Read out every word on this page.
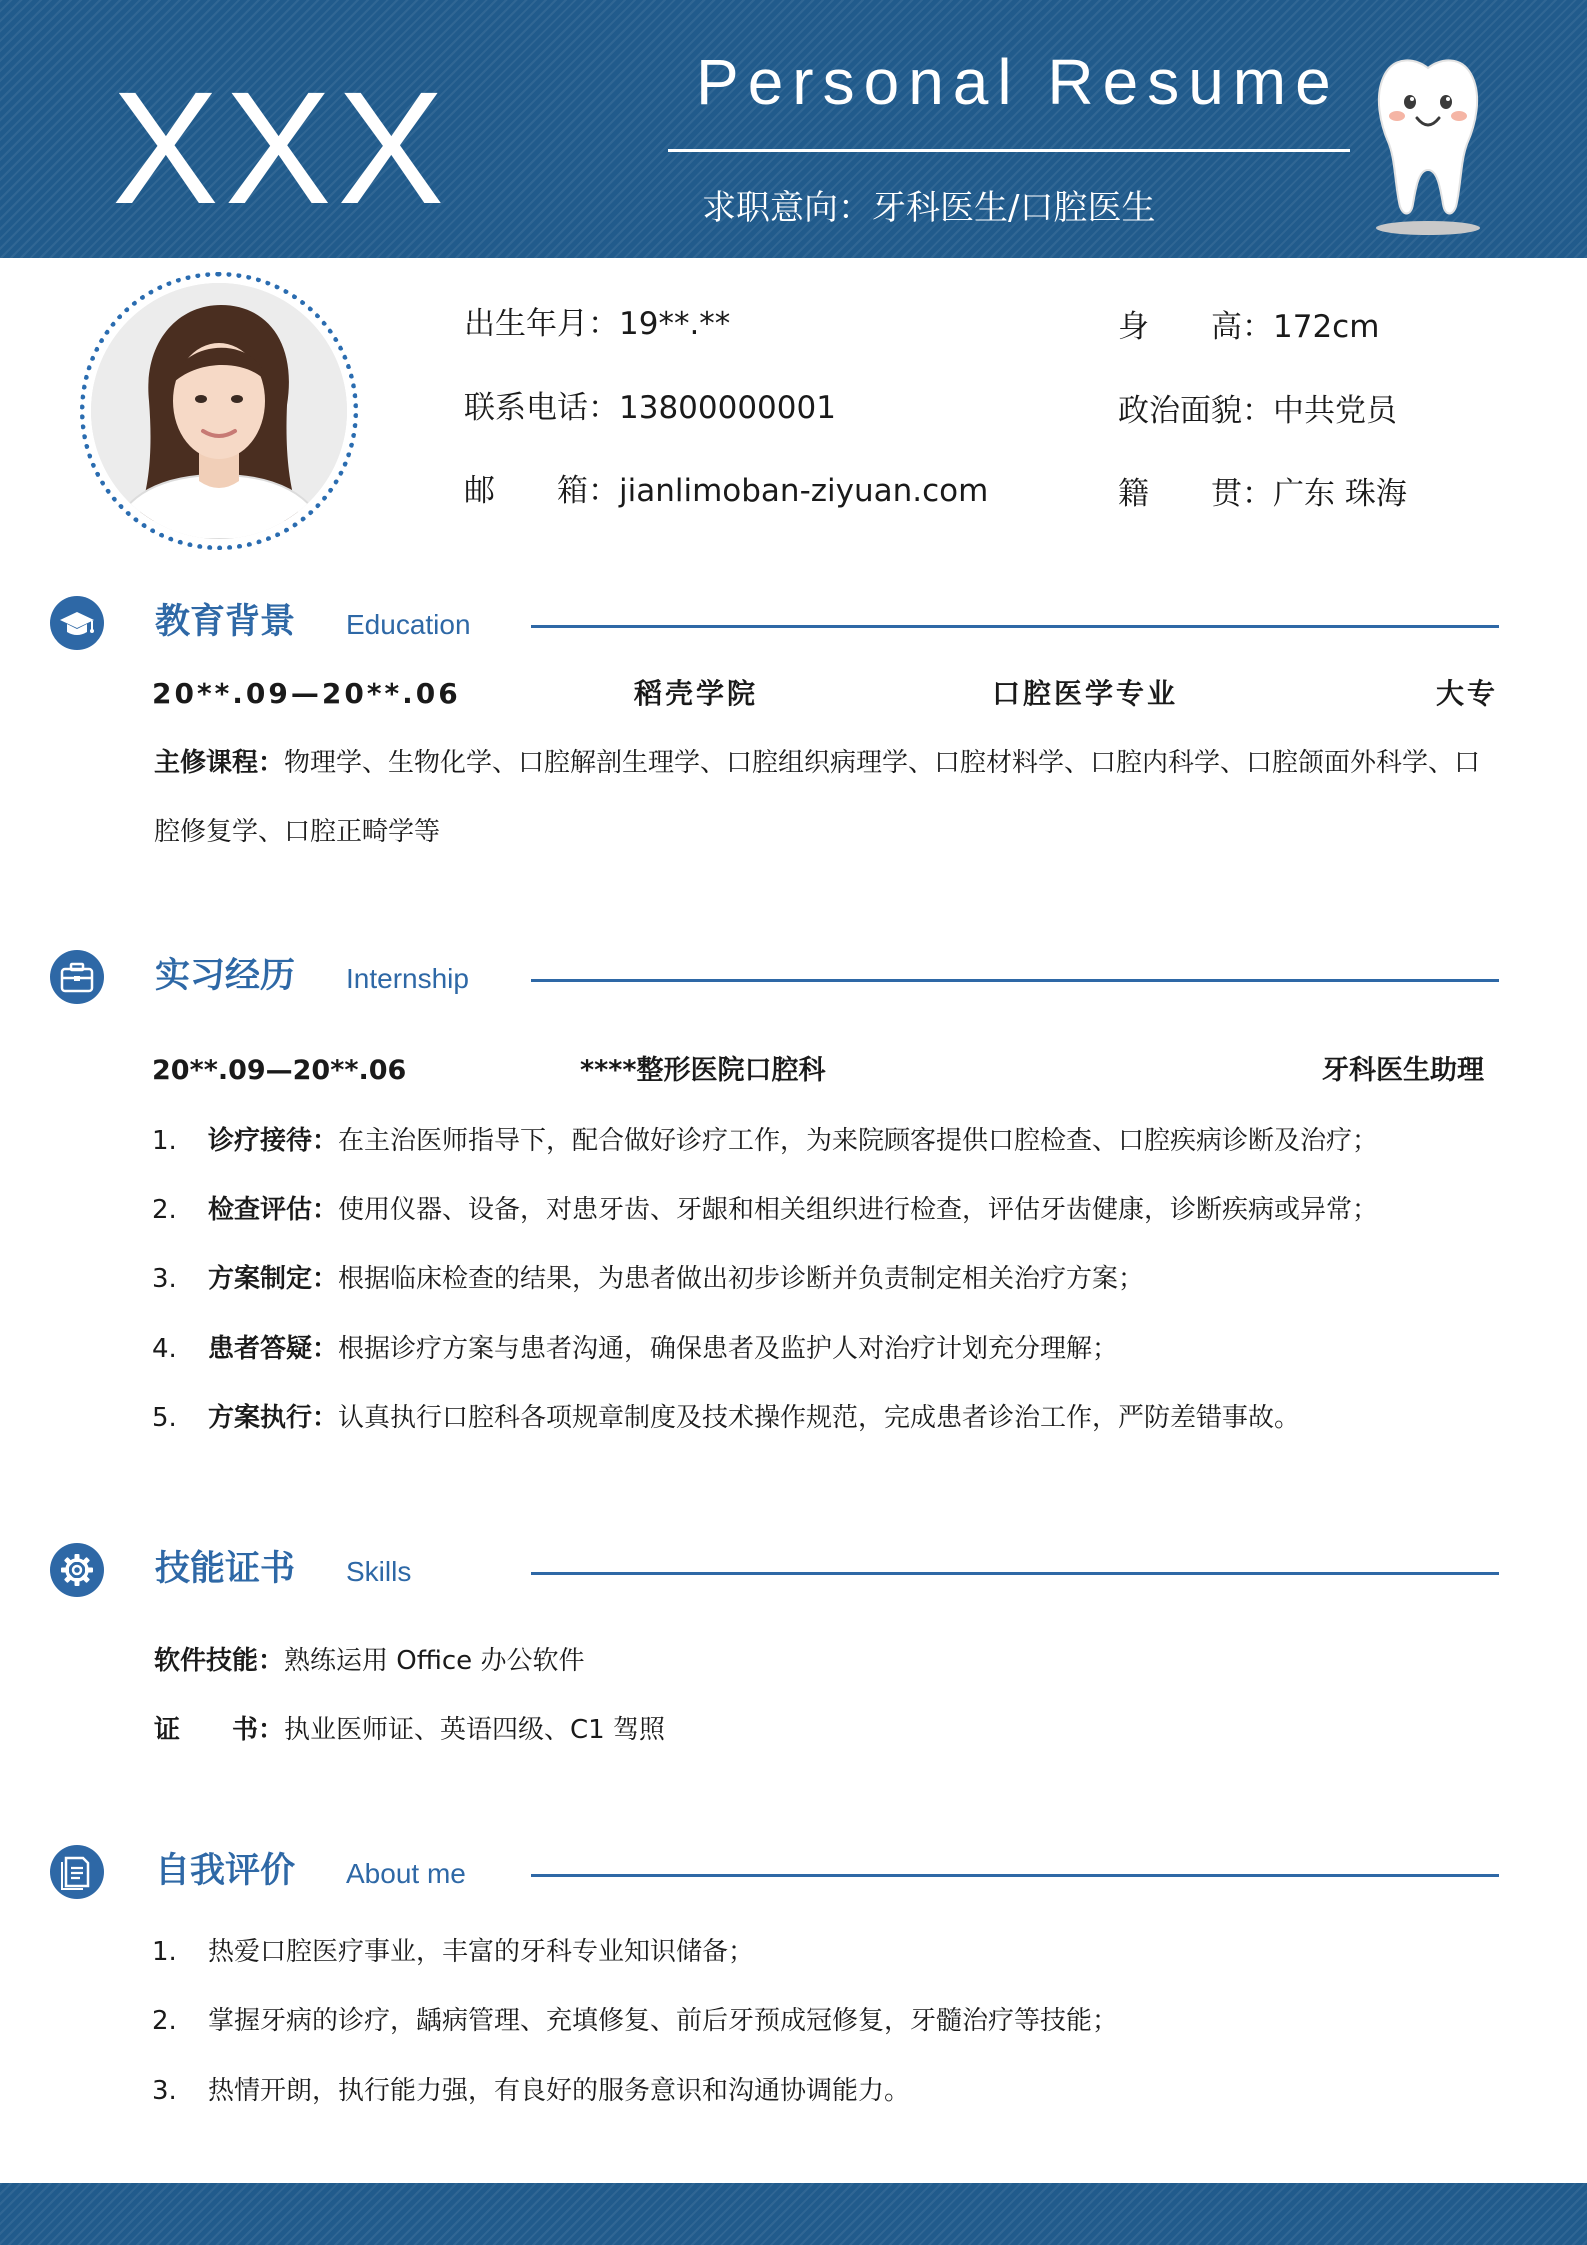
XXX	Personal Resume
求职意向：牙科医生/口腔医生
出生年月：19**.**	身　　高：172cm
联系电话：13800000001	政治面貌：中共党员
邮　　箱：jianlimoban-ziyuan.com	籍　　贯：广东 珠海
教育背景 Education
20**.09—20**.06	稻壳学院	口腔医学专业	大专
主修课程：物理学、生物化学、口腔解剖生理学、口腔组织病理学、口腔材料学、口腔内科学、口腔颌面外科学、口腔修复学、口腔正畸学等
实习经历 Internship
20**.09—20**.06	****整形医院口腔科	牙科医生助理
1. 诊疗接待：在主治医师指导下，配合做好诊疗工作，为来院顾客提供口腔检查、口腔疾病诊断及治疗；
2. 检查评估：使用仪器、设备，对患牙齿、牙龈和相关组织进行检查，评估牙齿健康，诊断疾病或异常；
3. 方案制定：根据临床检查的结果，为患者做出初步诊断并负责制定相关治疗方案；
4. 患者答疑：根据诊疗方案与患者沟通，确保患者及监护人对治疗计划充分理解；
5. 方案执行：认真执行口腔科各项规章制度及技术操作规范，完成患者诊治工作，严防差错事故。
技能证书 Skills
软件技能：熟练运用 Office 办公软件
证　　书：执业医师证、英语四级、C1 驾照
自我评价 About me
1. 热爱口腔医疗事业，丰富的牙科专业知识储备；
2. 掌握牙病的诊疗，龋病管理、充填修复、前后牙预成冠修复，牙髓治疗等技能；
3. 热情开朗，执行能力强，有良好的服务意识和沟通协调能力。
